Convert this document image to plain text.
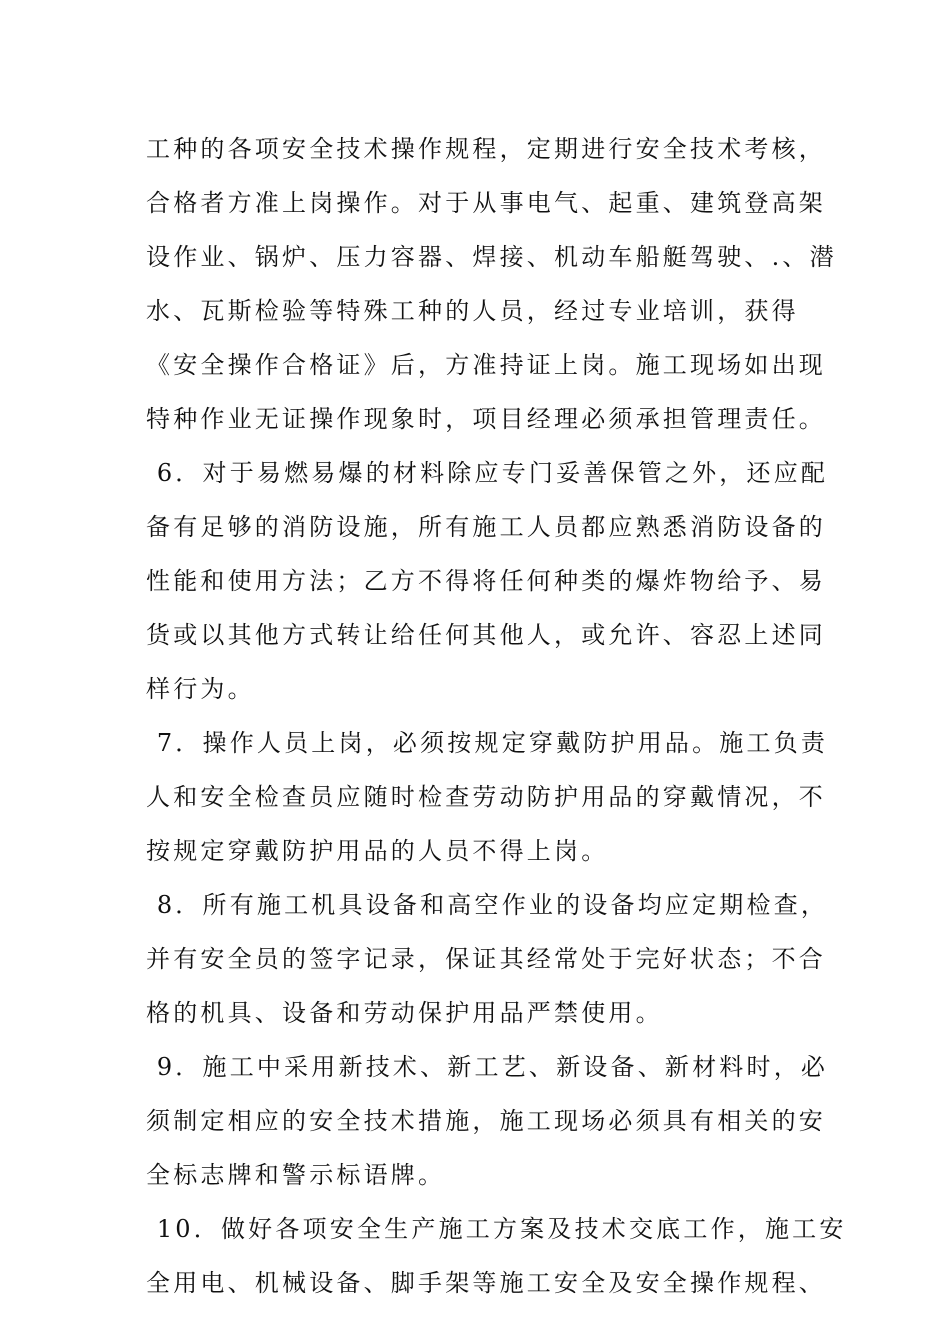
工种的各项安全技术操作规程，定期进行安全技术考核，
合格者方准上岗操作。对于从事电气、起重、建筑登高架
设作业、锅炉、压力容器、焊接、机动车船艇驾驶、.、潜
水、瓦斯检验等特殊工种的人员，经过专业培训，获得
《安全操作合格证》后，方准持证上岗。施工现场如出现
特种作业无证操作现象时，项目经理必须承担管理责任。
6．对于易燃易爆的材料除应专门妥善保管之外，还应配
备有足够的消防设施，所有施工人员都应熟悉消防设备的
性能和使用方法；乙方不得将任何种类的爆炸物给予、易
货或以其他方式转让给任何其他人，或允许、容忍上述同
样行为。
7．操作人员上岗，必须按规定穿戴防护用品。施工负责
人和安全检查员应随时检查劳动防护用品的穿戴情况，不
按规定穿戴防护用品的人员不得上岗。
8．所有施工机具设备和高空作业的设备均应定期检查，
并有安全员的签字记录，保证其经常处于完好状态；不合
格的机具、设备和劳动保护用品严禁使用。
9．施工中采用新技术、新工艺、新设备、新材料时，必
须制定相应的安全技术措施，施工现场必须具有相关的安
全标志牌和警示标语牌。
10．做好各项安全生产施工方案及技术交底工作，施工安
全用电、机械设备、脚手架等施工安全及安全操作规程、
